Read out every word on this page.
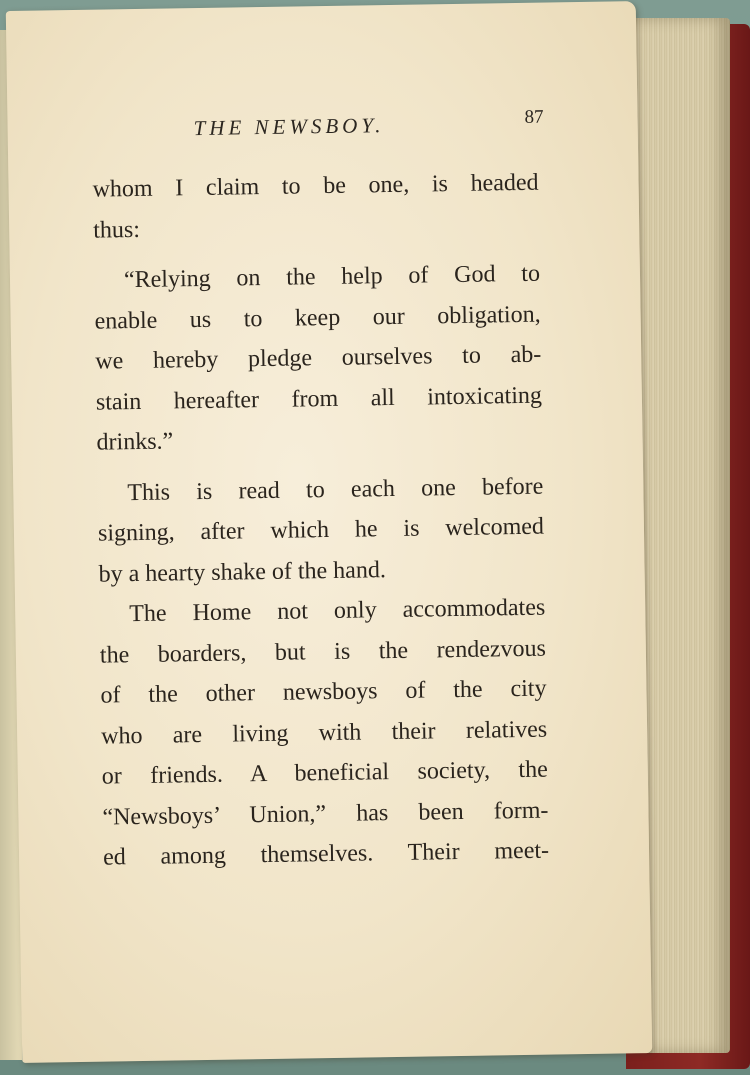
THE NEWSBOY.	87
whom I claim to be one, is headed
thus:
“Relying on the help of God to
enable us to keep our obligation,
we hereby pledge ourselves to ab-
stain hereafter from all intoxicating
drinks.”
This is read to each one before
signing, after which he is welcomed
by a hearty shake of the hand.
The Home not only accommodates
the boarders, but is the rendezvous
of the other newsboys of the city
who are living with their relatives
or friends. A beneficial society, the
“Newsboys’ Union,” has been form-
ed among themselves. Their meet-
